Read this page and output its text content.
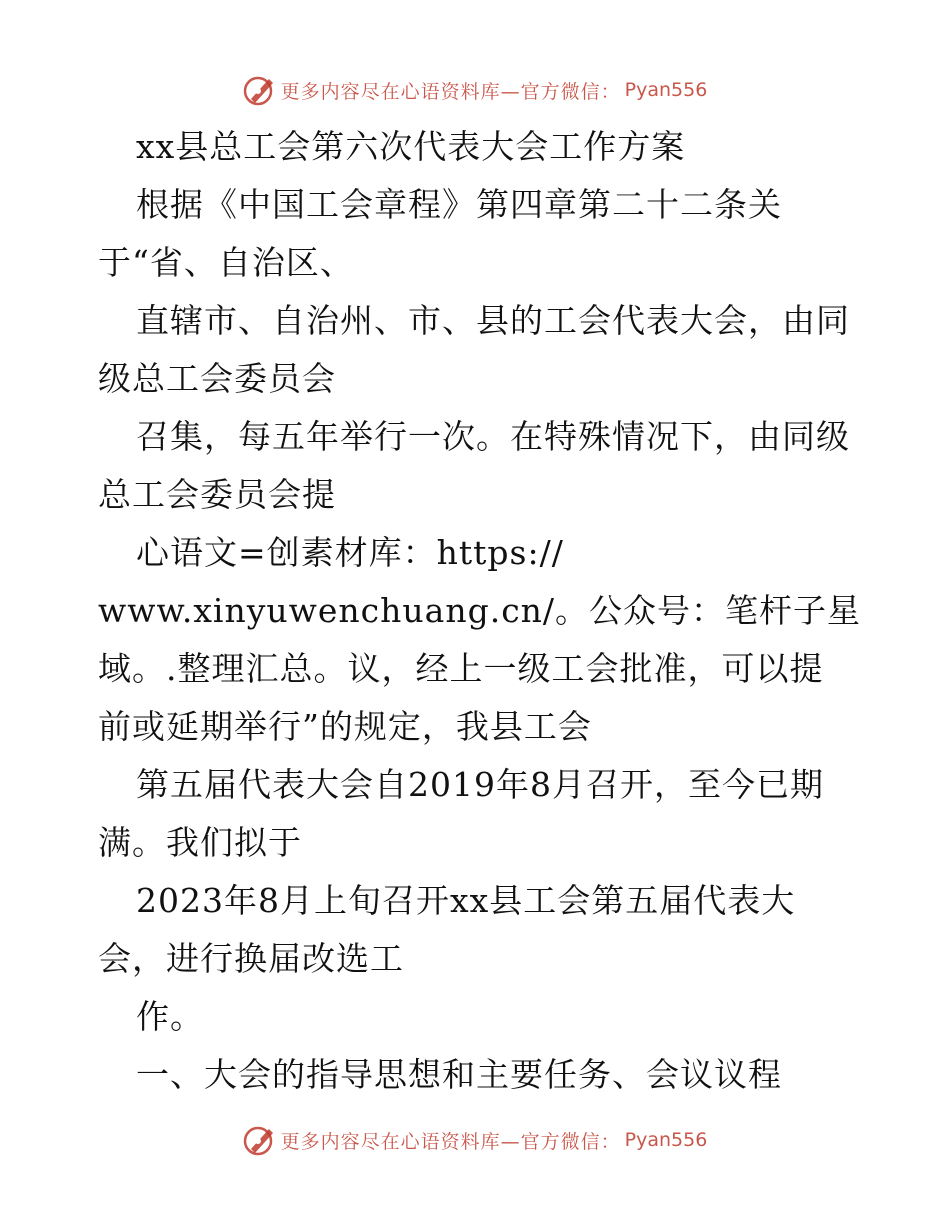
更多内容尽在心语资料库—官方微信： Pyan556
xx县总工会第六次代表大会工作方案
根据《中国工会章程》第四章第二十二条关
于“省、自治区、
直辖市、自治州、市、县的工会代表大会，由同
级总工会委员会
召集，每五年举行一次。在特殊情况下，由同级
总工会委员会提
心语文=创素材库：https://
www.xinyuwenchuang.cn/。公众号：笔杆子星
域。.整理汇总。议，经上一级工会批准，可以提
前或延期举行”的规定，我县工会
第五届代表大会自2019年8月召开，至今已期
满。我们拟于
2023年8月上旬召开xx县工会第五届代表大
会，进行换届改选工
作。
一、大会的指导思想和主要任务、会议议程
更多内容尽在心语资料库—官方微信： Pyan556
